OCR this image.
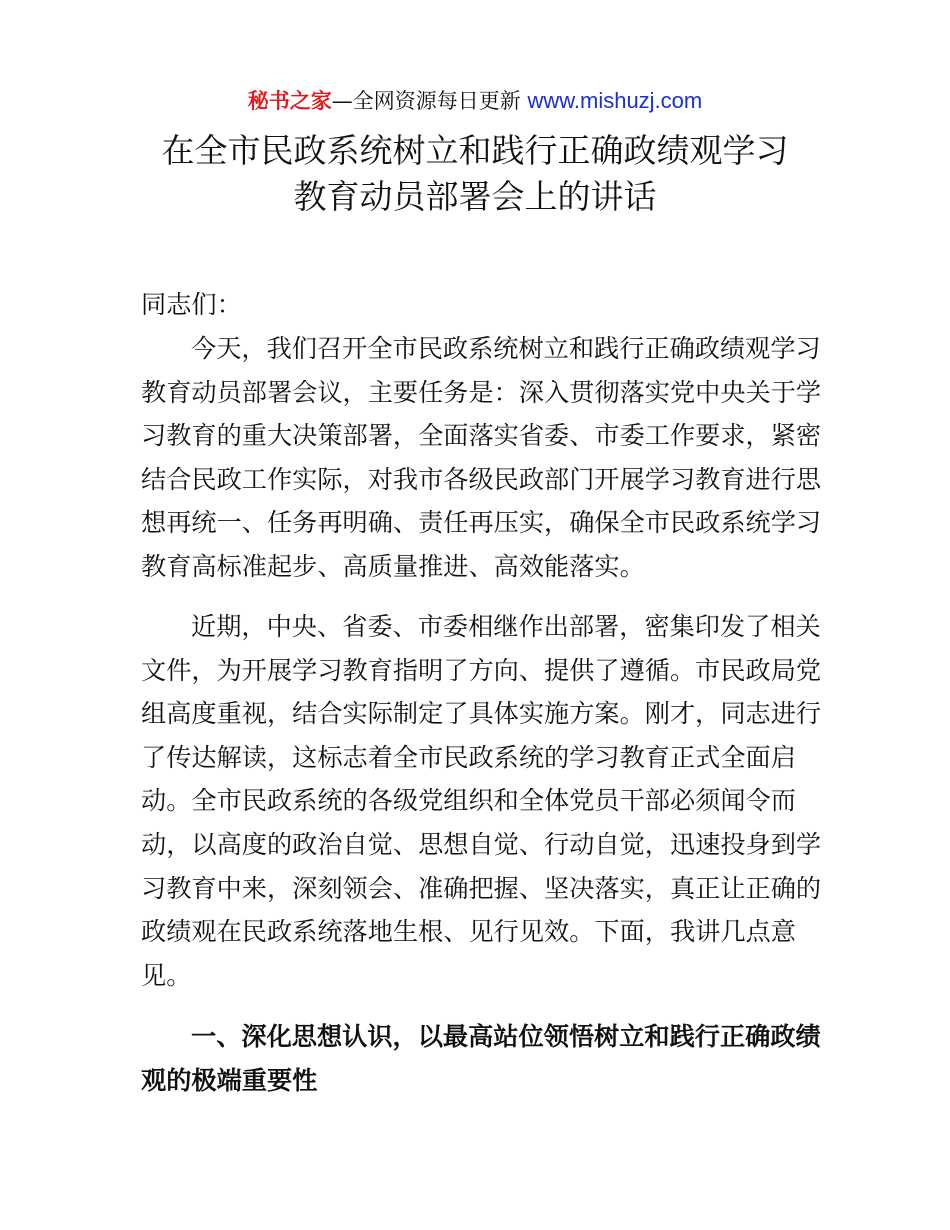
秘书之家—全网资源每日更新 www.mishuzj.com
在全市民政系统树立和践行正确政绩观学习
教育动员部署会上的讲话
同志们：
今天，我们召开全市民政系统树立和践行正确政绩观学习
教育动员部署会议，主要任务是：深入贯彻落实党中央关于学
习教育的重大决策部署，全面落实省委、市委工作要求，紧密
结合民政工作实际，对我市各级民政部门开展学习教育进行思
想再统一、任务再明确、责任再压实，确保全市民政系统学习
教育高标准起步、高质量推进、高效能落实。
近期，中央、省委、市委相继作出部署，密集印发了相关
文件，为开展学习教育指明了方向、提供了遵循。市民政局党
组高度重视，结合实际制定了具体实施方案。刚才，同志进行
了传达解读，这标志着全市民政系统的学习教育正式全面启
动。全市民政系统的各级党组织和全体党员干部必须闻令而
动，以高度的政治自觉、思想自觉、行动自觉，迅速投身到学
习教育中来，深刻领会、准确把握、坚决落实，真正让正确的
政绩观在民政系统落地生根、见行见效。下面，我讲几点意
见。
一、深化思想认识，以最高站位领悟树立和践行正确政绩
观的极端重要性
